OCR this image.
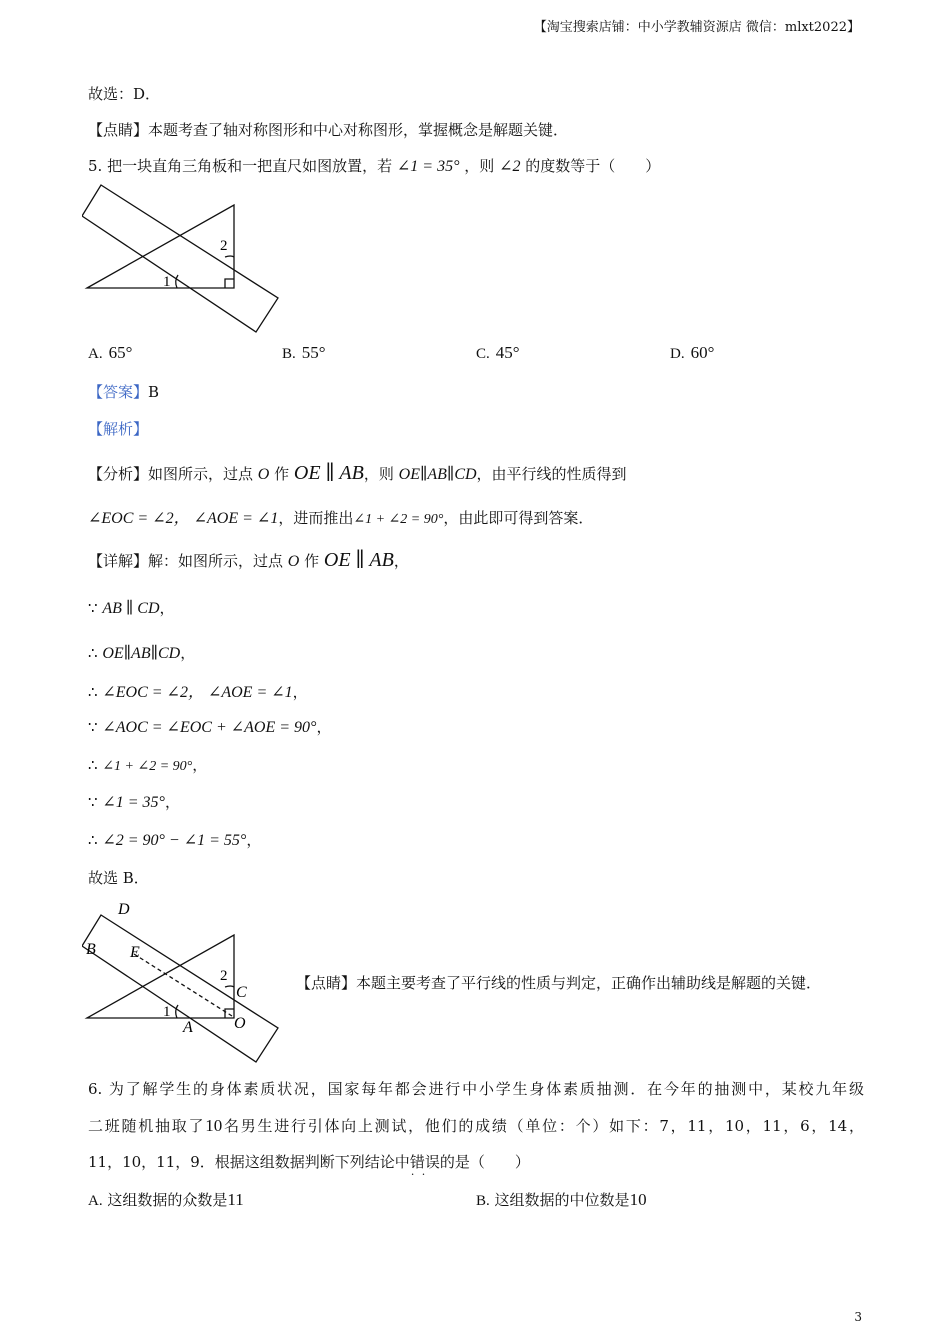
【淘宝搜索店铺：中小学教辅资源店 微信：mlxt2022】
故选：D．
【点睛】本题考查了轴对称图形和中心对称图形，掌握概念是解题关键．
5. 把一块直角三角板和一把直尺如图放置，若 ∠1 = 35° ，则 ∠2 的度数等于（　　）
1
2
A. 65°	B. 55°	C. 45°	D. 60°
【答案】B
【解析】
【分析】如图所示，过点 O 作 OE ∥ AB，则 OE∥AB∥CD，由平行线的性质得到
∠EOC = ∠2， ∠AOE = ∠1，进而推出∠1 + ∠2 = 90°，由此即可得到答案．
【详解】解：如图所示，过点 O 作 OE ∥ AB，
∵ AB ∥ CD，
∴ OE∥AB∥CD，
∴ ∠EOC = ∠2， ∠AOE = ∠1，
∵ ∠AOC = ∠EOC + ∠AOE = 90°，
∴ ∠1 + ∠2 = 90°，
∵ ∠1 = 35°，
∴ ∠2 = 90° − ∠1 = 55°，
故选 B．
D
B E
C
A	O
1
2	【点睛】本题主要考查了平行线的性质与判定，正确作出辅助线是解题的关键．
6. 为了解学生的身体素质状况，国家每年都会进行中小学生身体素质抽测．在今年的抽测中，某校九年级
二班随机抽取了10名男生进行引体向上测试，他们的成绩（单位：个）如下：7，11，10，11，6，14，
11，10，11，9．根据这组数据判断下列结论中错误 · ·的是（　　）
A. 这组数据的众数是11	B. 这组数据的中位数是10
3
